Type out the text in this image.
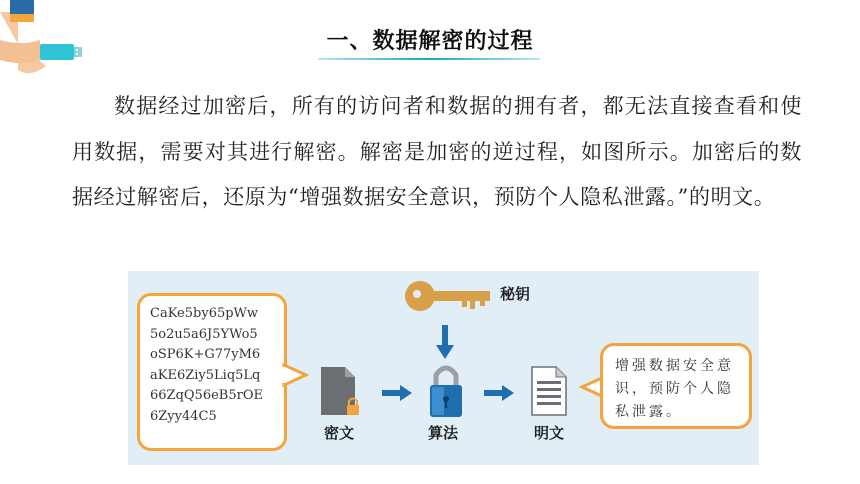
一、数据解密的过程

数据经过加密后，所有的访问者和数据的拥有者，都无法直接查看和使用数据，需要对其进行解密。解密是加密的逆过程，如图所示。加密后的数据经过解密后，还原为“增强数据安全意识，预防个人隐私泄露。”的明文。

秘钥
CaKe5by65pWw
5o2u5a6J5YWo5
oSP6K+G77yM6
aKE6Ziy5Liq5Lq
66ZqQ56eB5rOE
6Zyy44C5
密文	算法	明文
增强数据安全意识，预防个人隐私泄露。
